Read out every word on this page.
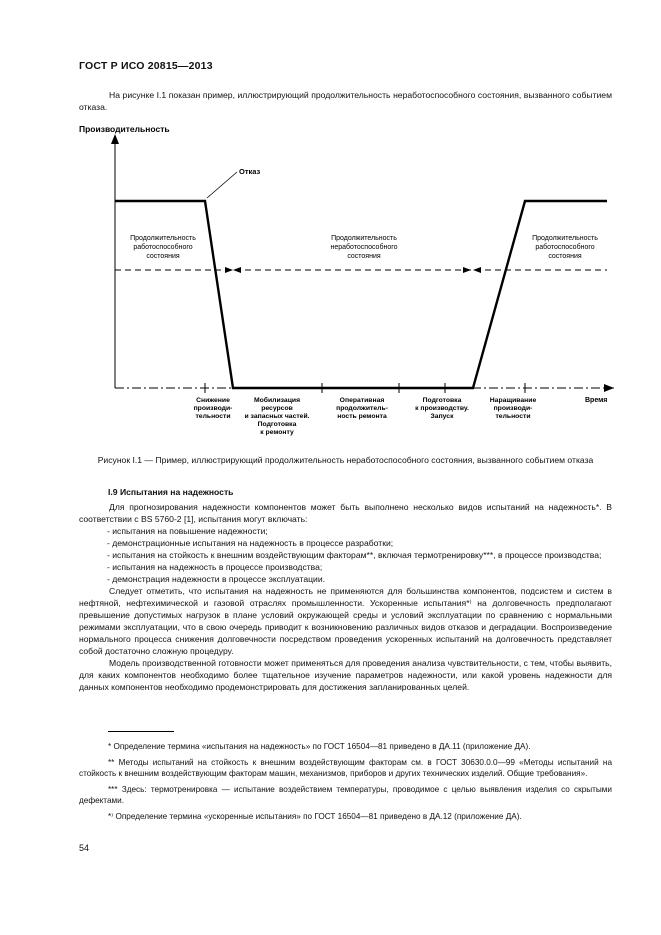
ГОСТ Р ИСО 20815—2013
На рисунке I.1 показан пример, иллюстрирующий продолжительность неработоспособного состояния, вызванного событием отказа.
Производительность
Время
Отказ
Продолжительность
работоспособного
состояния
Продолжительность
неработоспособного
состояния
Продолжительность
работоспособного
состояния
Снижение
производи-
тельности
Мобилизация
ресурсов
и запасных частей.
Подготовка
к ремонту
Оперативная
продолжитель-
ность ремонта
Подготовка
к производству.
Запуск
Наращивание
производи-
тельности
Рисунок I.1 — Пример, иллюстрирующий продолжительность неработоспособного состояния, вызванного событием отказа
I.9 Испытания на надежность

Для прогнозирования надежности компонентов может быть выполнено несколько видов испытаний на надежность*. В соответствии с BS 5760-2 [1], испытания могут включать:

- испытания на повышение надежности;

- демонстрационные испытания на надежность в процессе разработки;

- испытания на стойкость к внешним воздействующим факторам**, включая термотренировку***, в процессе производства;

- испытания на надежность в процессе производства;

- демонстрация надежности в процессе эксплуатации.

Следует отметить, что испытания на надежность не применяются для большинства компонентов, подсистем и систем в нефтяной, нефтехимической и газовой отраслях промышленности. Ускоренные испытания*⁾ на долговечность предполагают превышение допустимых нагрузок в плане условий окружающей среды и условий эксплуатации по сравнению с нормальными режимами эксплуатации, что в свою очередь приводит к возникновению различных видов отказов и деградации. Воспроизведение нормального процесса снижения долговечности посредством проведения ускоренных испытаний на долговечность представляет собой достаточно сложную процедуру.

Модель производственной готовности может применяться для проведения анализа чувствительности, с тем, чтобы выявить, для каких компонентов необходимо более тщательное изучение параметров надежности, или какой уровень надежности для данных компонентов необходимо продемонстрировать для достижения запланированных целей.

* Определение термина «испытания на надежность» по ГОСТ 16504—81 приведено в ДА.11 (приложение ДА).

** Методы испытаний на стойкость к внешним воздействующим факторам см. в ГОСТ 30630.0.0—99 «Методы испытаний на стойкость к внешним воздействующим факторам машин, механизмов, приборов и других технических изделий. Общие требования».

*** Здесь: термотренировка — испытание воздействием температуры, проводимое с целью выявления изделия со скрытыми дефектами.

*⁾ Определение термина «ускоренные испытания» по ГОСТ 16504—81 приведено в ДА.12 (приложение ДА).

54
